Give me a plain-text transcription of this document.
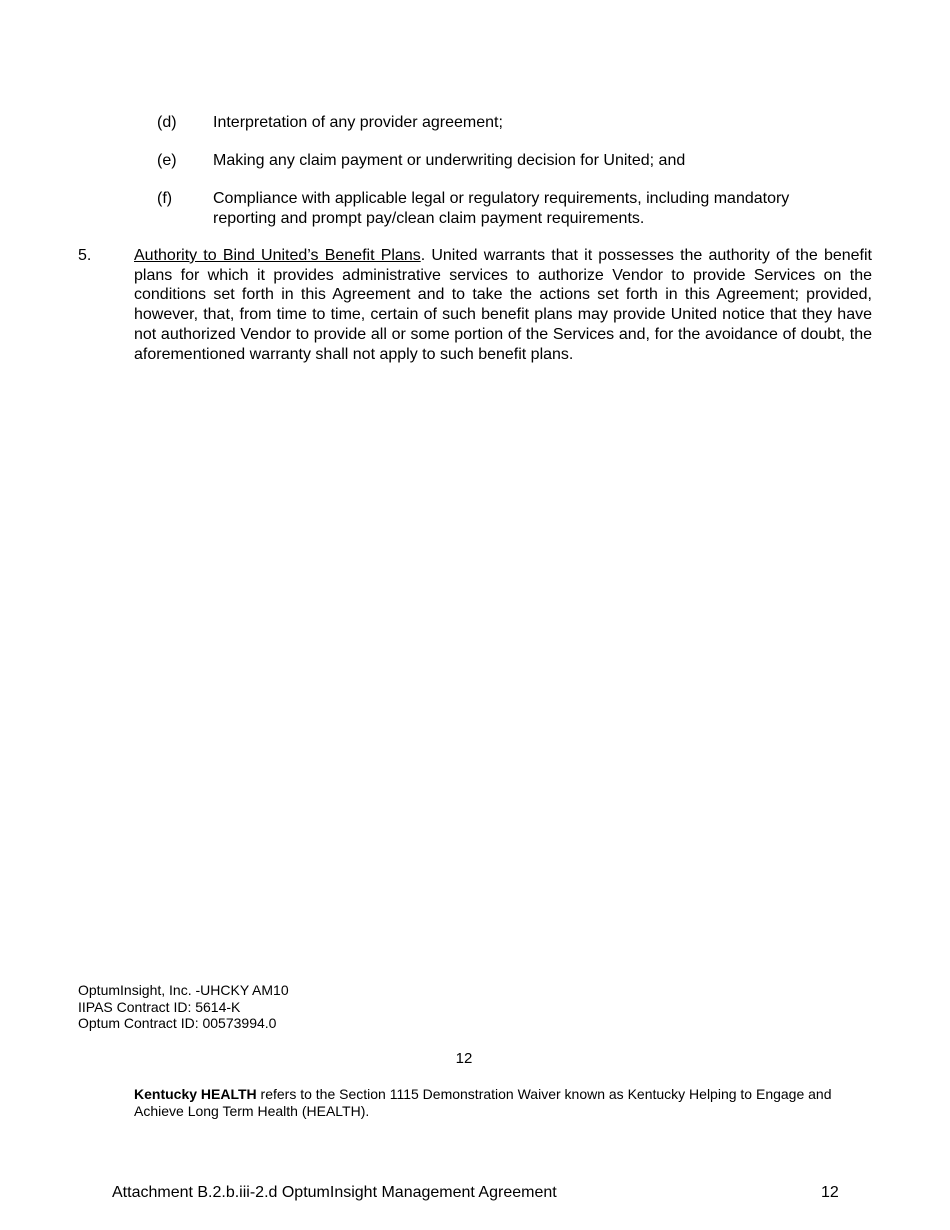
(d) Interpretation of any provider agreement;
(e) Making any claim payment or underwriting decision for United; and
(f)	Compliance with applicable legal or regulatory requirements, including mandatory reporting and prompt pay/clean claim payment requirements.
5.	Authority to Bind United’s Benefit Plans. United warrants that it possesses the authority of the benefit plans for which it provides administrative services to authorize Vendor to provide Services on the conditions set forth in this Agreement and to take the actions set forth in this Agreement; provided, however, that, from time to time, certain of such benefit plans may provide United notice that they have not authorized Vendor to provide all or some portion of the Services and, for the avoidance of doubt, the aforementioned warranty shall not apply to such benefit plans.
OptumInsight, Inc. -UHCKY AM10
IIPAS Contract ID: 5614-K
Optum Contract ID: 00573994.0
12
Kentucky HEALTH refers to the Section 1115 Demonstration Waiver known as Kentucky Helping to Engage and Achieve Long Term Health (HEALTH).
Attachment B.2.b.iii-2.d OptumInsight Management Agreement	12
